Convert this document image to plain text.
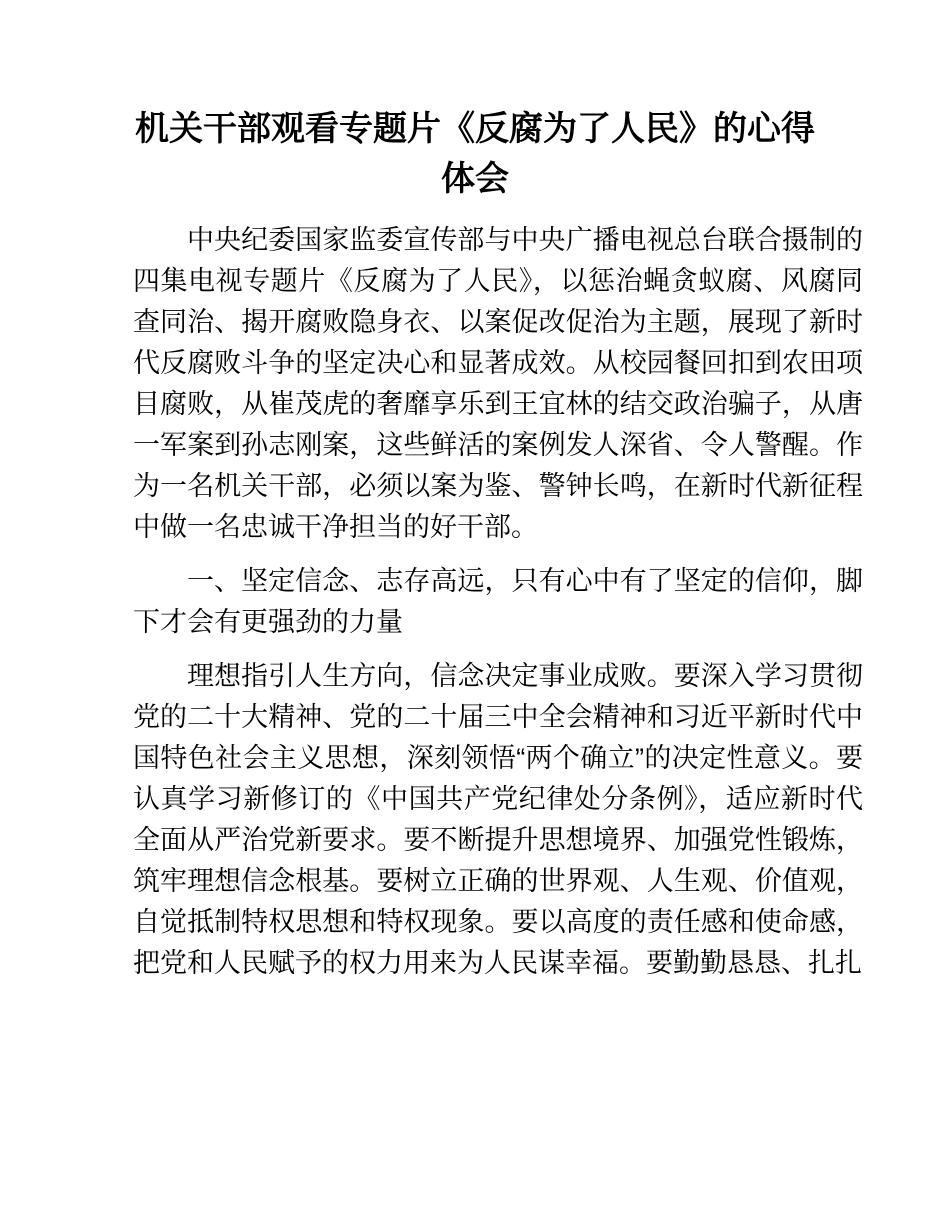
机关干部观看专题片《反腐为了人民》的心得体会

中央纪委国家监委宣传部与中央广播电视总台联合摄制的四集电视专题片《反腐为了人民》，以惩治蝇贪蚁腐、风腐同查同治、揭开腐败隐身衣、以案促改促治为主题，展现了新时代反腐败斗争的坚定决心和显著成效。从校园餐回扣到农田项目腐败，从崔茂虎的奢靡享乐到王宜林的结交政治骗子，从唐一军案到孙志刚案，这些鲜活的案例发人深省、令人警醒。作为一名机关干部，必须以案为鉴、警钟长鸣，在新时代新征程中做一名忠诚干净担当的好干部。

一、坚定信念、志存高远，只有心中有了坚定的信仰，脚下才会有更强劲的力量

理想指引人生方向，信念决定事业成败。要深入学习贯彻党的二十大精神、党的二十届三中全会精神和习近平新时代中国特色社会主义思想，深刻领悟“两个确立”的决定性意义。要认真学习新修订的《中国共产党纪律处分条例》，适应新时代全面从严治党新要求。要不断提升思想境界、加强党性锻炼，筑牢理想信念根基。要树立正确的世界观、人生观、价值观，自觉抵制特权思想和特权现象。要以高度的责任感和使命感，把党和人民赋予的权力用来为人民谋幸福。要勤勤恳恳、扎扎
